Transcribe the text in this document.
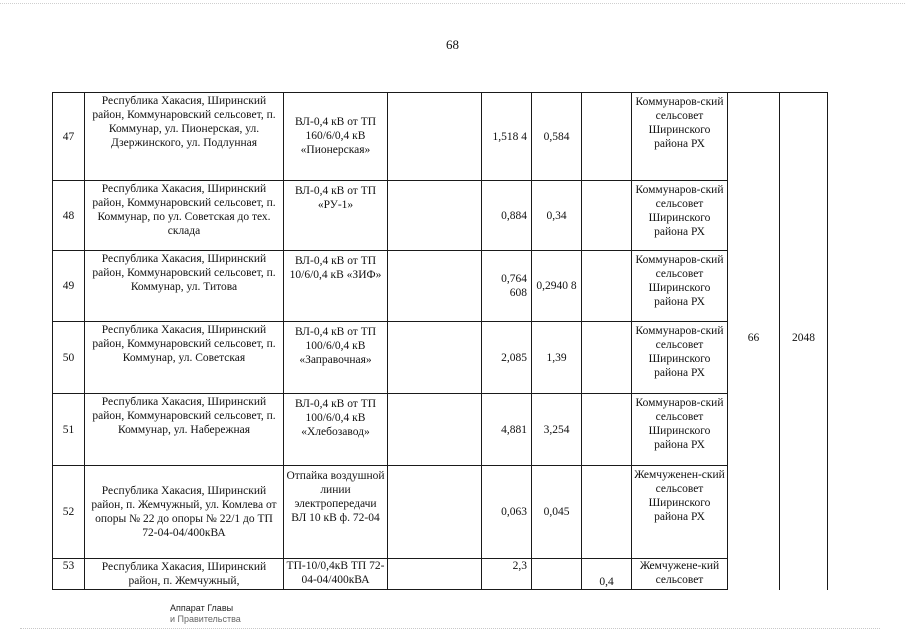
68
47	Республика Хакасия, Ширинский район, Коммунаровский сельсовет, п. Коммунар, ул. Пионерская, ул. Дзержинского, ул. Подлунная	ВЛ-0,4 кВ от ТП 160/6/0,4 кВ «Пионерская»		1,518 4	0,584		Коммунаров-ский сельсовет Ширинского района РХ	66	2048

48	Республика Хакасия, Ширинский район, Коммунаровский сельсовет, п. Коммунар, по ул. Советская до тех. склада	ВЛ-0,4 кВ от ТП «РУ-1»		0,884	0,34		Коммунаров-ский сельсовет Ширинского района РХ		
49	Республика Хакасия, Ширинский район, Коммунаровский сельсовет, п. Коммунар, ул. Титова	ВЛ-0,4 кВ от ТП 10/6/0,4 кВ «ЗИФ»		0,764 608	0,2940 8		Коммунаров-ский сельсовет Ширинского района РХ		
50	Республика Хакасия, Ширинский район, Коммунаровский сельсовет, п. Коммунар, ул. Советская	ВЛ-0,4 кВ от ТП 100/6/0,4 кВ «Заправочная»		2,085	1,39		Коммунаров-ский сельсовет Ширинского района РХ		
51	Республика Хакасия, Ширинский район, Коммунаровский сельсовет, п. Коммунар, ул. Набережная	ВЛ-0,4 кВ от ТП 100/6/0,4 кВ «Хлебозавод»		4,881	3,254		Коммунаров-ский сельсовет Ширинского района РХ		
52	Республика Хакасия, Ширинский район, п. Жемчужный, ул. Комлева от опоры № 22 до опоры № 22/1 до ТП 72-04-04/400кВА	Отпайка воздушной линии электропередачи ВЛ 10 кВ ф. 72-04		0,063	0,045		Жемчуженен-ский сельсовет Ширинского района РХ		
53	Республика Хакасия, Ширинский район, п. Жемчужный,	ТП-10/0,4кВ ТП 72-04-04/400кВА		2,3		0,4	Жемчужене-кий сельсовет		
Аппарат Главы
и Правительства
